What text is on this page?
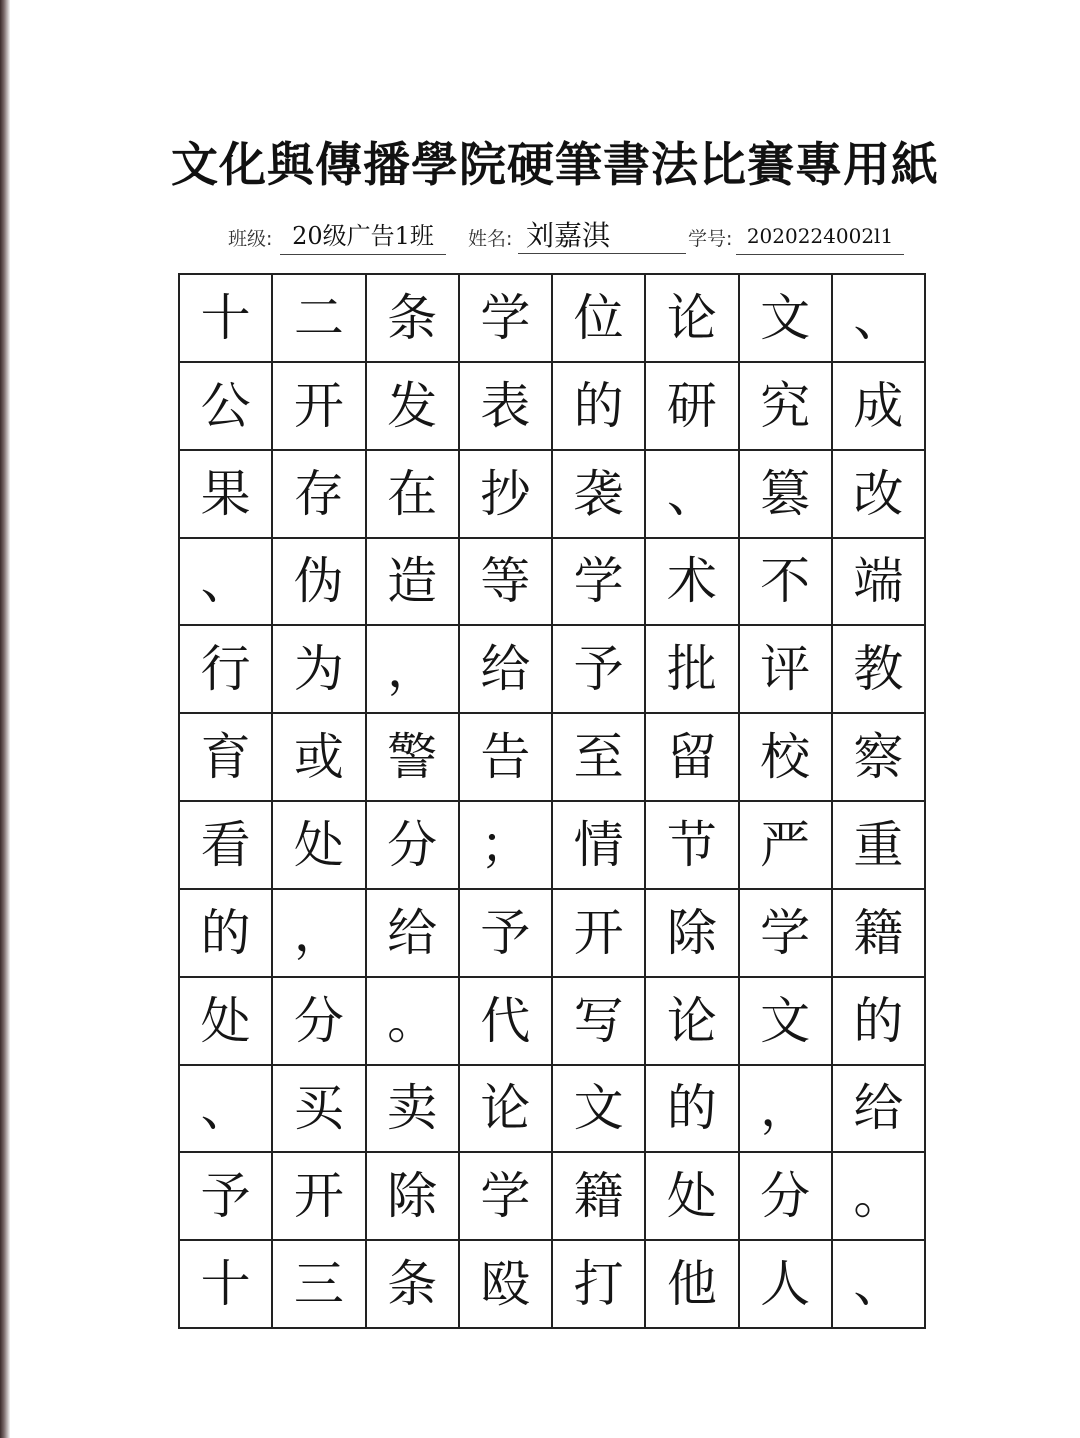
文化與傳播學院硬筆書法比賽專用紙
班级: 20级广告1班	姓名: 刘嘉淇	学号: 2020224002l1
十 二 条 学 位 论 文 、
公 开 发 表 的 研 究 成
果 存 在 抄 袭 、 篡 改
、 伪 造 等 学 术 不 端
行 为 ， 给 予 批 评 教
育 或 警 告 至 留 校 察
看 处 分 ； 情 节 严 重
的 ， 给 予 开 除 学 籍
处 分 。 代 写 论 文 的
、 买 卖 论 文 的 ， 给
予 开 除 学 籍 处 分 。
十 三 条 殴 打 他 人 、
